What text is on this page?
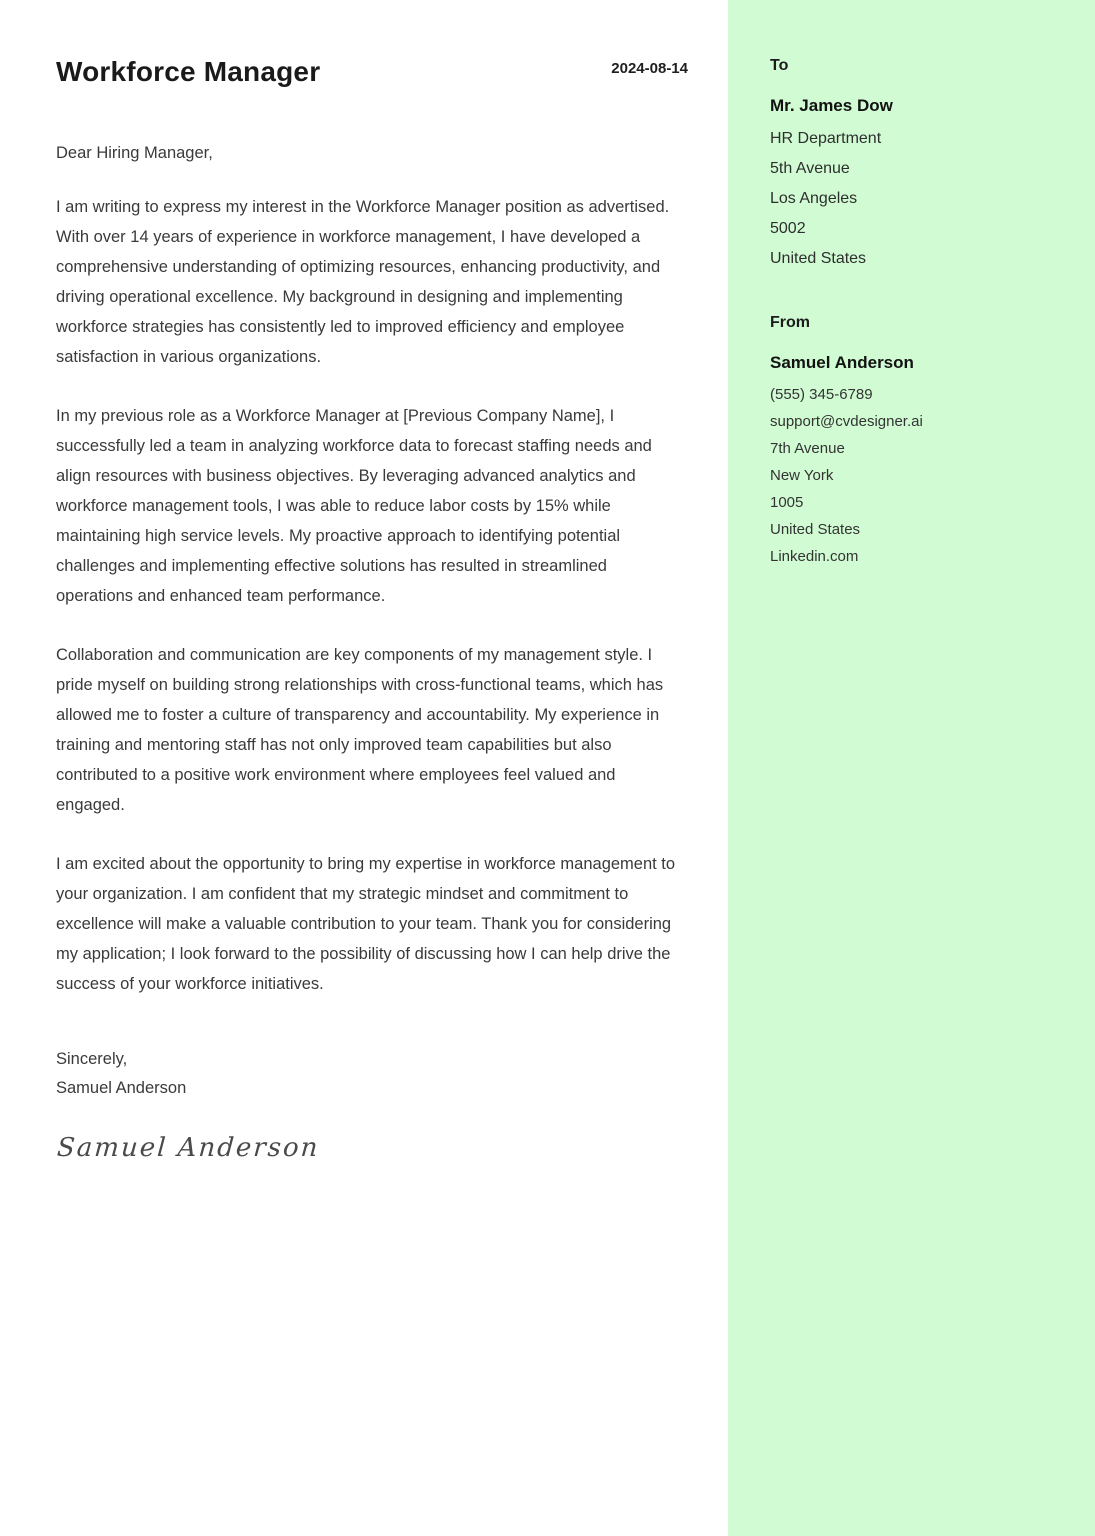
Workforce Manager	2024-08-14
Dear Hiring Manager,

I am writing to express my interest in the Workforce Manager position as advertised. With over 14 years of experience in workforce management, I have developed a comprehensive understanding of optimizing resources, enhancing productivity, and driving operational excellence. My background in designing and implementing workforce strategies has consistently led to improved efficiency and employee satisfaction in various organizations.

In my previous role as a Workforce Manager at [Previous Company Name], I successfully led a team in analyzing workforce data to forecast staffing needs and align resources with business objectives. By leveraging advanced analytics and workforce management tools, I was able to reduce labor costs by 15% while maintaining high service levels. My proactive approach to identifying potential challenges and implementing effective solutions has resulted in streamlined operations and enhanced team performance.

Collaboration and communication are key components of my management style. I pride myself on building strong relationships with cross-functional teams, which has allowed me to foster a culture of transparency and accountability. My experience in training and mentoring staff has not only improved team capabilities but also contributed to a positive work environment where employees feel valued and engaged.

I am excited about the opportunity to bring my expertise in workforce management to your organization. I am confident that my strategic mindset and commitment to excellence will make a valuable contribution to your team. Thank you for considering my application; I look forward to the possibility of discussing how I can help drive the success of your workforce initiatives.

Sincerely,
Samuel Anderson
Samuel Anderson
To
Mr. James Dow
HR Department
5th Avenue
Los Angeles
5002
United States
From
Samuel Anderson
(555) 345-6789
support@cvdesigner.ai
7th Avenue
New York
1005
United States
Linkedin.com
